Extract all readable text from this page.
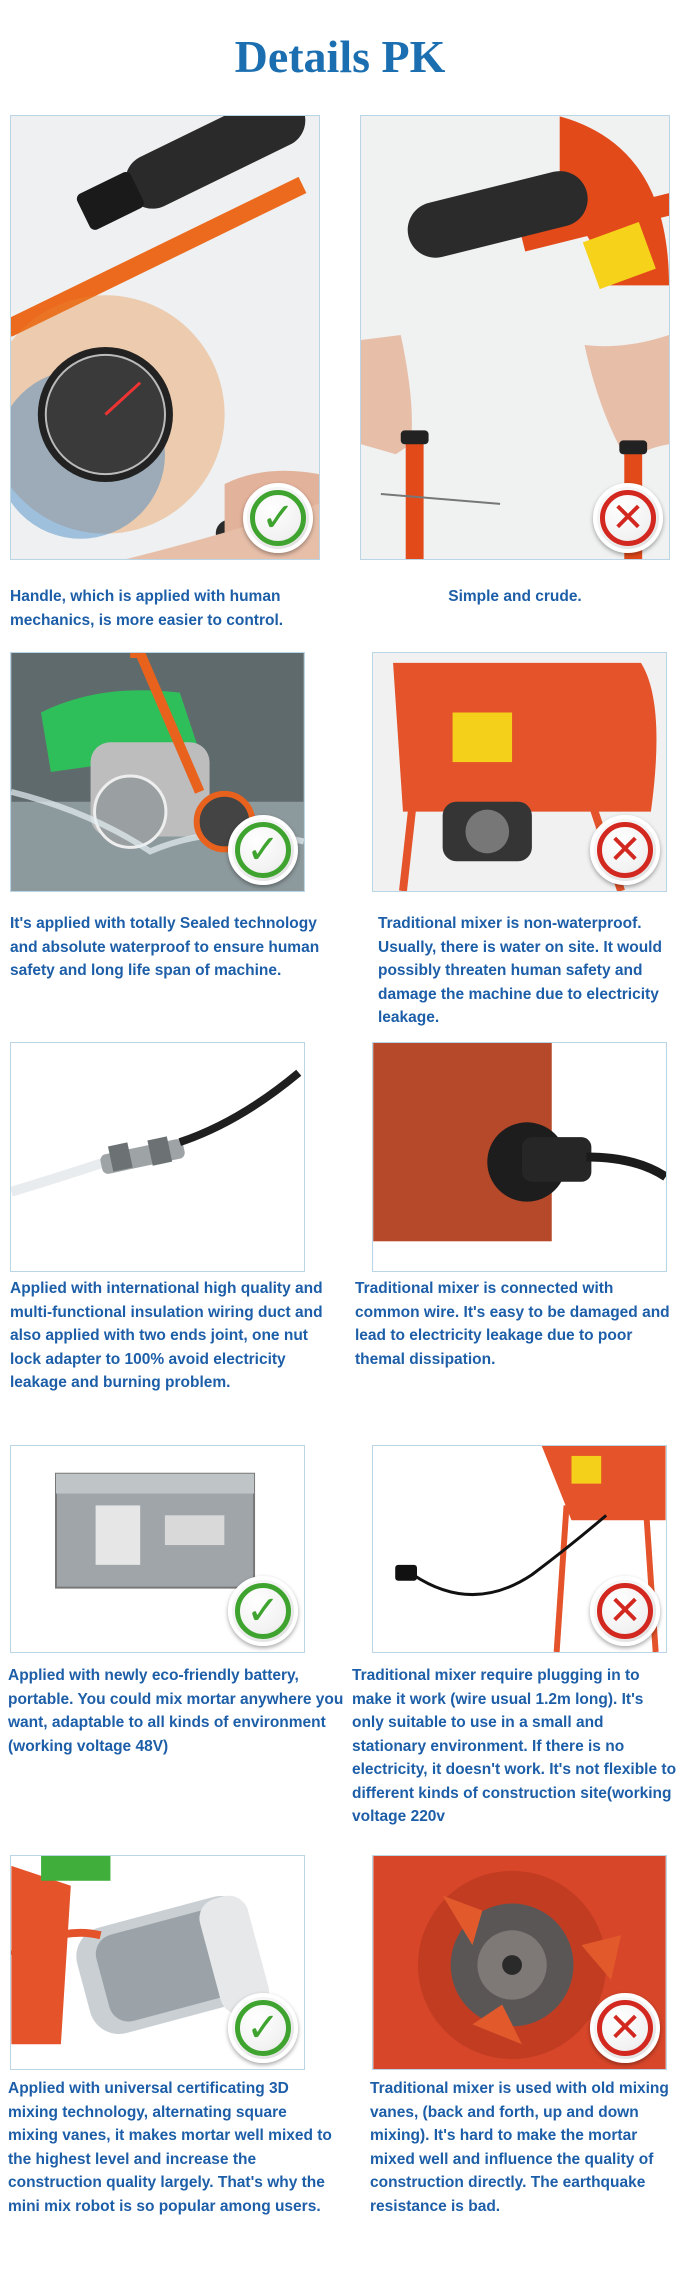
Details PK
✓	✕

Handle, which is applied with human mechanics, is more easier to control.

Simple and crude.

✓	✕

It's applied with totally Sealed technology and absolute waterproof to ensure human safety and long life span of machine.

Traditional mixer is non-waterproof. Usually, there is water on site. It would possibly threaten human safety and damage the machine due to electricity leakage.

Applied with international high quality and multi-functional insulation wiring duct and also applied with two ends joint, one nut lock adapter to 100% avoid electricity leakage and burning problem.

Traditional mixer is connected with common wire. It's easy to be damaged and lead to electricity leakage due to poor themal dissipation.

✓	✕

Applied with newly eco-friendly battery, portable. You could mix mortar anywhere you want, adaptable to all kinds of environment (working voltage 48V)

Traditional mixer require plugging in to make it work (wire usual 1.2m long). It's only suitable to use in a small and stationary environment. If there is no electricity, it doesn't work. It's not flexible to different kinds of construction site(working voltage 220v

✓	✕

Applied with universal certificating 3D mixing technology, alternating square mixing vanes, it makes mortar well mixed to the highest level and increase the construction quality largely. That's why the mini mix robot is so popular among users.

Traditional mixer is used with old mixing vanes, (back and forth, up and down mixing). It's hard to make the mortar mixed well and influence the quality of construction directly. The earthquake resistance is bad.
